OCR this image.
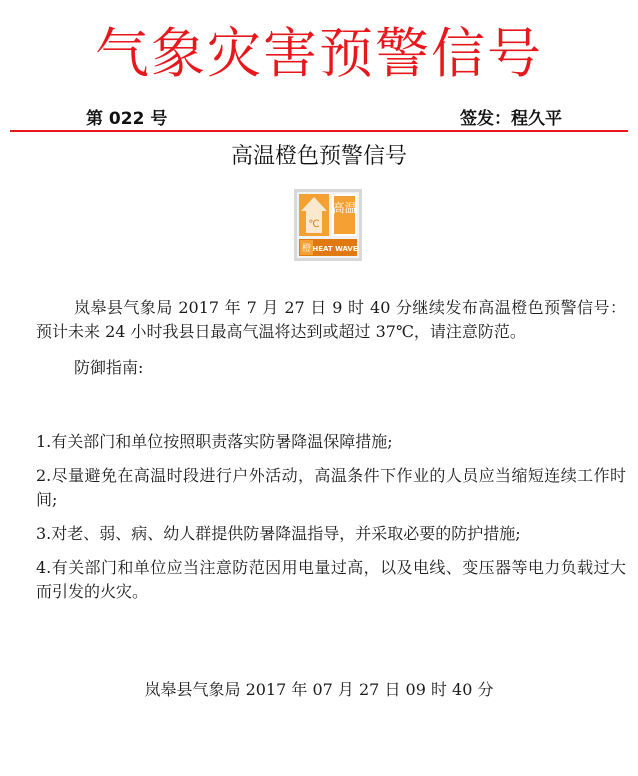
气象灾害预警信号
第 022 号	签发：程久平
高温橙色预警信号
℃
高温
橙 HEAT WAVE
岚皋县气象局 2017 年 7 月 27 日 9 时 40 分继续发布高温橙色预警信号：预计未来 24 小时我县日最高气温将达到或超过 37℃，请注意防范。
防御指南:
1.有关部门和单位按照职责落实防暑降温保障措施;
2.尽量避免在高温时段进行户外活动，高温条件下作业的人员应当缩短连续工作时间;
3.对老、弱、病、幼人群提供防暑降温指导，并采取必要的防护措施;
4.有关部门和单位应当注意防范因用电量过高，以及电线、变压器等电力负载过大而引发的火灾。
岚皋县气象局 2017 年 07 月 27 日 09 时 40 分
